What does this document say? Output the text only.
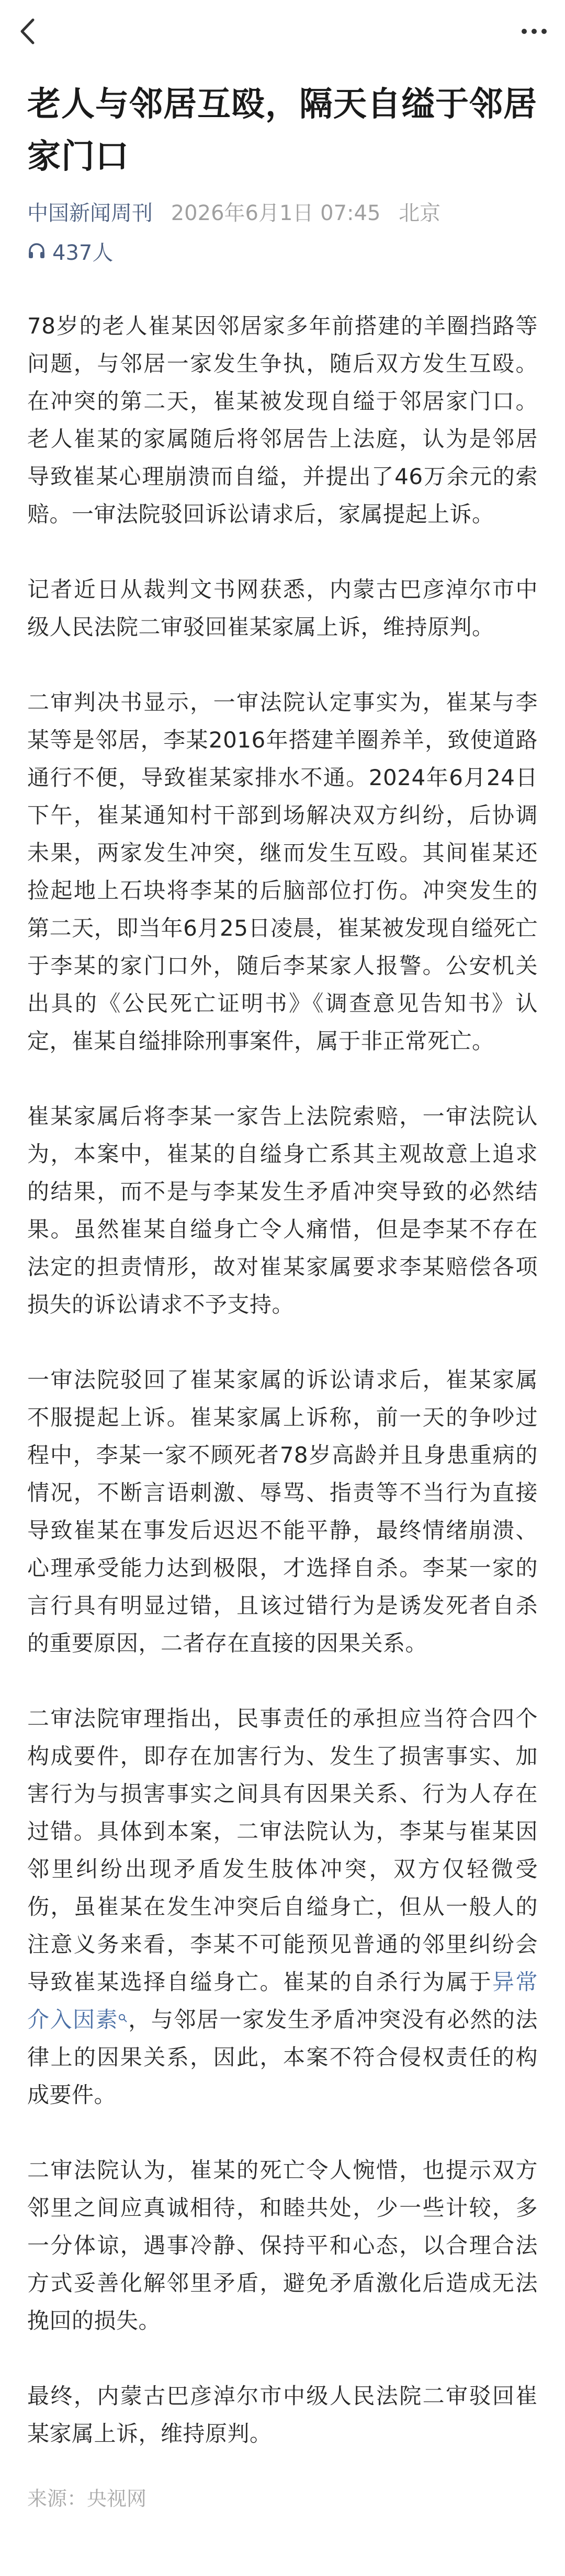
老人与邻居互殴，隔天自缢于邻居家门口
中国新闻周刊 2026年6月1日 07:45 北京
437人

78岁的老人崔某因邻居家多年前搭建的羊圈挡路等问题，与邻居一家发生争执，随后双方发生互殴。在冲突的第二天，崔某被发现自缢于邻居家门口。老人崔某的家属随后将邻居告上法庭，认为是邻居导致崔某心理崩溃而自缢，并提出了46万余元的索赔。一审法院驳回诉讼请求后，家属提起上诉。

记者近日从裁判文书网获悉，内蒙古巴彦淖尔市中级人民法院二审驳回崔某家属上诉，维持原判。

二审判决书显示，一审法院认定事实为，崔某与李某等是邻居，李某2016年搭建羊圈养羊，致使道路通行不便，导致崔某家排水不通。2024年6月24日下午，崔某通知村干部到场解决双方纠纷，后协调未果，两家发生冲突，继而发生互殴。其间崔某还捡起地上石块将李某的后脑部位打伤。冲突发生的第二天，即当年6月25日凌晨，崔某被发现自缢死亡于李某的家门口外，随后李某家人报警。公安机关出具的《公民死亡证明书》《调查意见告知书》认定，崔某自缢排除刑事案件，属于非正常死亡。

崔某家属后将李某一家告上法院索赔，一审法院认为，本案中，崔某的自缢身亡系其主观故意上追求的结果，而不是与李某发生矛盾冲突导致的必然结果。虽然崔某自缢身亡令人痛惜，但是李某不存在法定的担责情形，故对崔某家属要求李某赔偿各项损失的诉讼请求不予支持。

一审法院驳回了崔某家属的诉讼请求后，崔某家属不服提起上诉。崔某家属上诉称，前一天的争吵过程中，李某一家不顾死者78岁高龄并且身患重病的情况，不断言语刺激、辱骂、指责等不当行为直接导致崔某在事发后迟迟不能平静，最终情绪崩溃、心理承受能力达到极限，才选择自杀。李某一家的言行具有明显过错，且该过错行为是诱发死者自杀的重要原因，二者存在直接的因果关系。

二审法院审理指出，民事责任的承担应当符合四个构成要件，即存在加害行为、发生了损害事实、加害行为与损害事实之间具有因果关系、行为人存在过错。具体到本案，二审法院认为，李某与崔某因邻里纠纷出现矛盾发生肢体冲突，双方仅轻微受伤，虽崔某在发生冲突后自缢身亡，但从一般人的注意义务来看，李某不可能预见普通的邻里纠纷会导致崔某选择自缢身亡。崔某的自杀行为属于异常介入因素 ，与邻居一家发生矛盾冲突没有必然的法律上的因果关系，因此，本案不符合侵权责任的构成要件。

二审法院认为，崔某的死亡令人惋惜，也提示双方邻里之间应真诚相待，和睦共处，少一些计较，多一分体谅，遇事冷静、保持平和心态，以合理合法方式妥善化解邻里矛盾，避免矛盾激化后造成无法挽回的损失。

最终，内蒙古巴彦淖尔市中级人民法院二审驳回崔某家属上诉，维持原判。

来源：央视网
